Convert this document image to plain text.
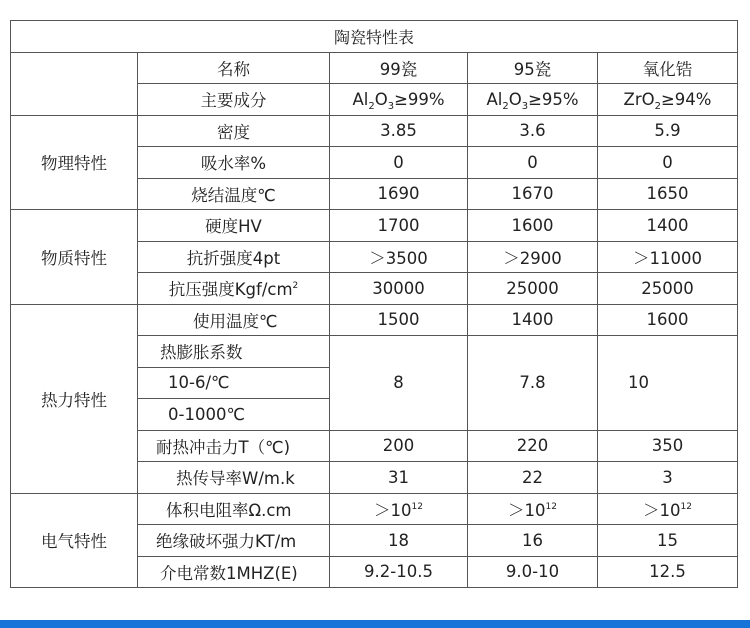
陶瓷特性表				
	名称	99瓷	95瓷	氧化锆
	主要成分	$Al_2O_3\ge 99\%$	$Al_2O_3\ge 95\%$	ZrO$_2$≥94%
物理特性	密度	3.85	3.6	5.9
	吸水率%	0	0	0
	烧结温度℃	1690	1670	1650
物质特性	硬度HV	1700	1600	1400
	抗折强度4pt	＞3500	＞2900	＞11000
	抗压强度Kgf/$cm^2$	30000	25000	25000
热力特性	使用温度℃	1500	1400	1600
	热膨胀系数	8	7.8	10
	10-6/℃			
	0-1000℃			
	耐热冲击力T（℃)	200	220	350
	热传导率W/m.k	31	22	3
电气特性	体积电阻率Ω.cm	$>10^{12}$	$>10^{12}$	$>10^{12}$
	绝缘破坏强力KT/m	18	16	15
	介电常数1MHZ(E)	9.2-10.5	9.0-10	12.5
